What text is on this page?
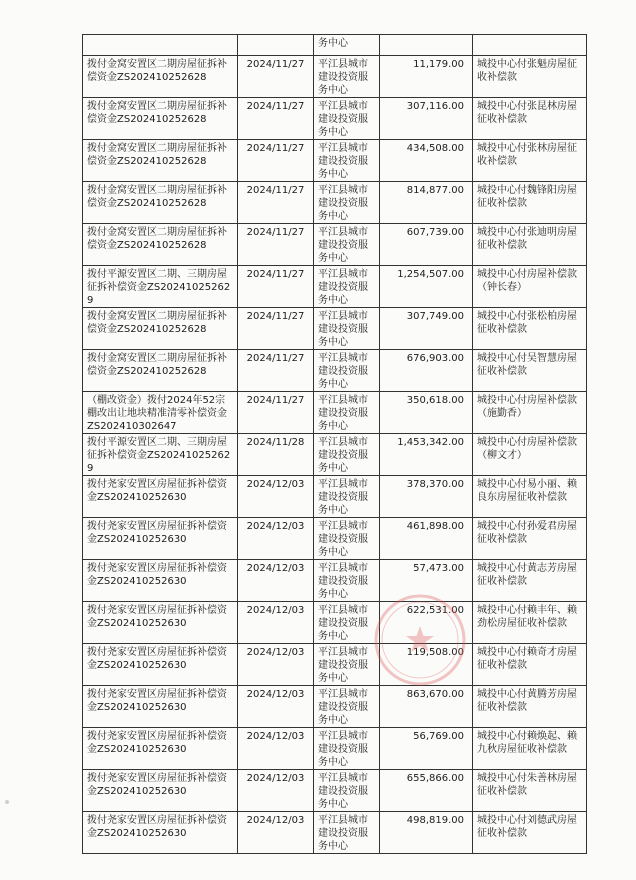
		务中心		
拨付金窝安置区二期房屋征拆补偿资金ZS202410252628	2024/11/27	平江县城市建设投资服务中心	11,179.00	城投中心付张魁房屋征收补偿款
拨付金窝安置区二期房屋征拆补偿资金ZS202410252628	2024/11/27	平江县城市建设投资服务中心	307,116.00	城投中心付张昆林房屋征收补偿款
拨付金窝安置区二期房屋征拆补偿资金ZS202410252628	2024/11/27	平江县城市建设投资服务中心	434,508.00	城投中心付张林房屋征收补偿款
拨付金窝安置区二期房屋征拆补偿资金ZS202410252628	2024/11/27	平江县城市建设投资服务中心	814,877.00	城投中心付魏锋阳房屋征收补偿款
拨付金窝安置区二期房屋征拆补偿资金ZS202410252628	2024/11/27	平江县城市建设投资服务中心	607,739.00	城投中心付张迪明房屋征收补偿款
拨付平源安置区二期、三期房屋征拆补偿资金ZS202410252629	2024/11/27	平江县城市建设投资服务中心	1,254,507.00	城投中心付房屋补偿款（钟长春）
拨付金窝安置区二期房屋征拆补偿资金ZS202410252628	2024/11/27	平江县城市建设投资服务中心	307,749.00	城投中心付张松柏房屋征收补偿款
拨付金窝安置区二期房屋征拆补偿资金ZS202410252628	2024/11/27	平江县城市建设投资服务中心	676,903.00	城投中心付吴智慧房屋征收补偿款
（棚改资金）拨付2024年52宗棚改出让地块精准清零补偿资金ZS202410302647	2024/11/27	平江县城市建设投资服务中心	350,618.00	城投中心付房屋补偿款（施勤香）
拨付平源安置区二期、三期房屋征拆补偿资金ZS202410252629	2024/11/28	平江县城市建设投资服务中心	1,453,342.00	城投中心付房屋补偿款（柳文才）
拨付尧家安置区房屋征拆补偿资金ZS202410252630	2024/12/03	平江县城市建设投资服务中心	378,370.00	城投中心付易小丽、赖良东房屋征收补偿款
拨付尧家安置区房屋征拆补偿资金ZS202410252630	2024/12/03	平江县城市建设投资服务中心	461,898.00	城投中心付孙爱君房屋征收补偿款
拨付尧家安置区房屋征拆补偿资金ZS202410252630	2024/12/03	平江县城市建设投资服务中心	57,473.00	城投中心付黄志芳房屋征收补偿款
拨付尧家安置区房屋征拆补偿资金ZS202410252630	2024/12/03	平江县城市建设投资服务中心	622,531.00	城投中心付赖丰年、赖劲松房屋征收补偿款
拨付尧家安置区房屋征拆补偿资金ZS202410252630	2024/12/03	平江县城市建设投资服务中心	119,508.00	城投中心付赖奇才房屋征收补偿款
拨付尧家安置区房屋征拆补偿资金ZS202410252630	2024/12/03	平江县城市建设投资服务中心	863,670.00	城投中心付黄腾芳房屋征收补偿款
拨付尧家安置区房屋征拆补偿资金ZS202410252630	2024/12/03	平江县城市建设投资服务中心	56,769.00	城投中心付赖焕起、赖九秋房屋征收补偿款
拨付尧家安置区房屋征拆补偿资金ZS202410252630	2024/12/03	平江县城市建设投资服务中心	655,866.00	城投中心付朱善林房屋征收补偿款
拨付尧家安置区房屋征拆补偿资金ZS202410252630	2024/12/03	平江县城市建设投资服务中心	498,819.00	城投中心付刘德武房屋征收补偿款
